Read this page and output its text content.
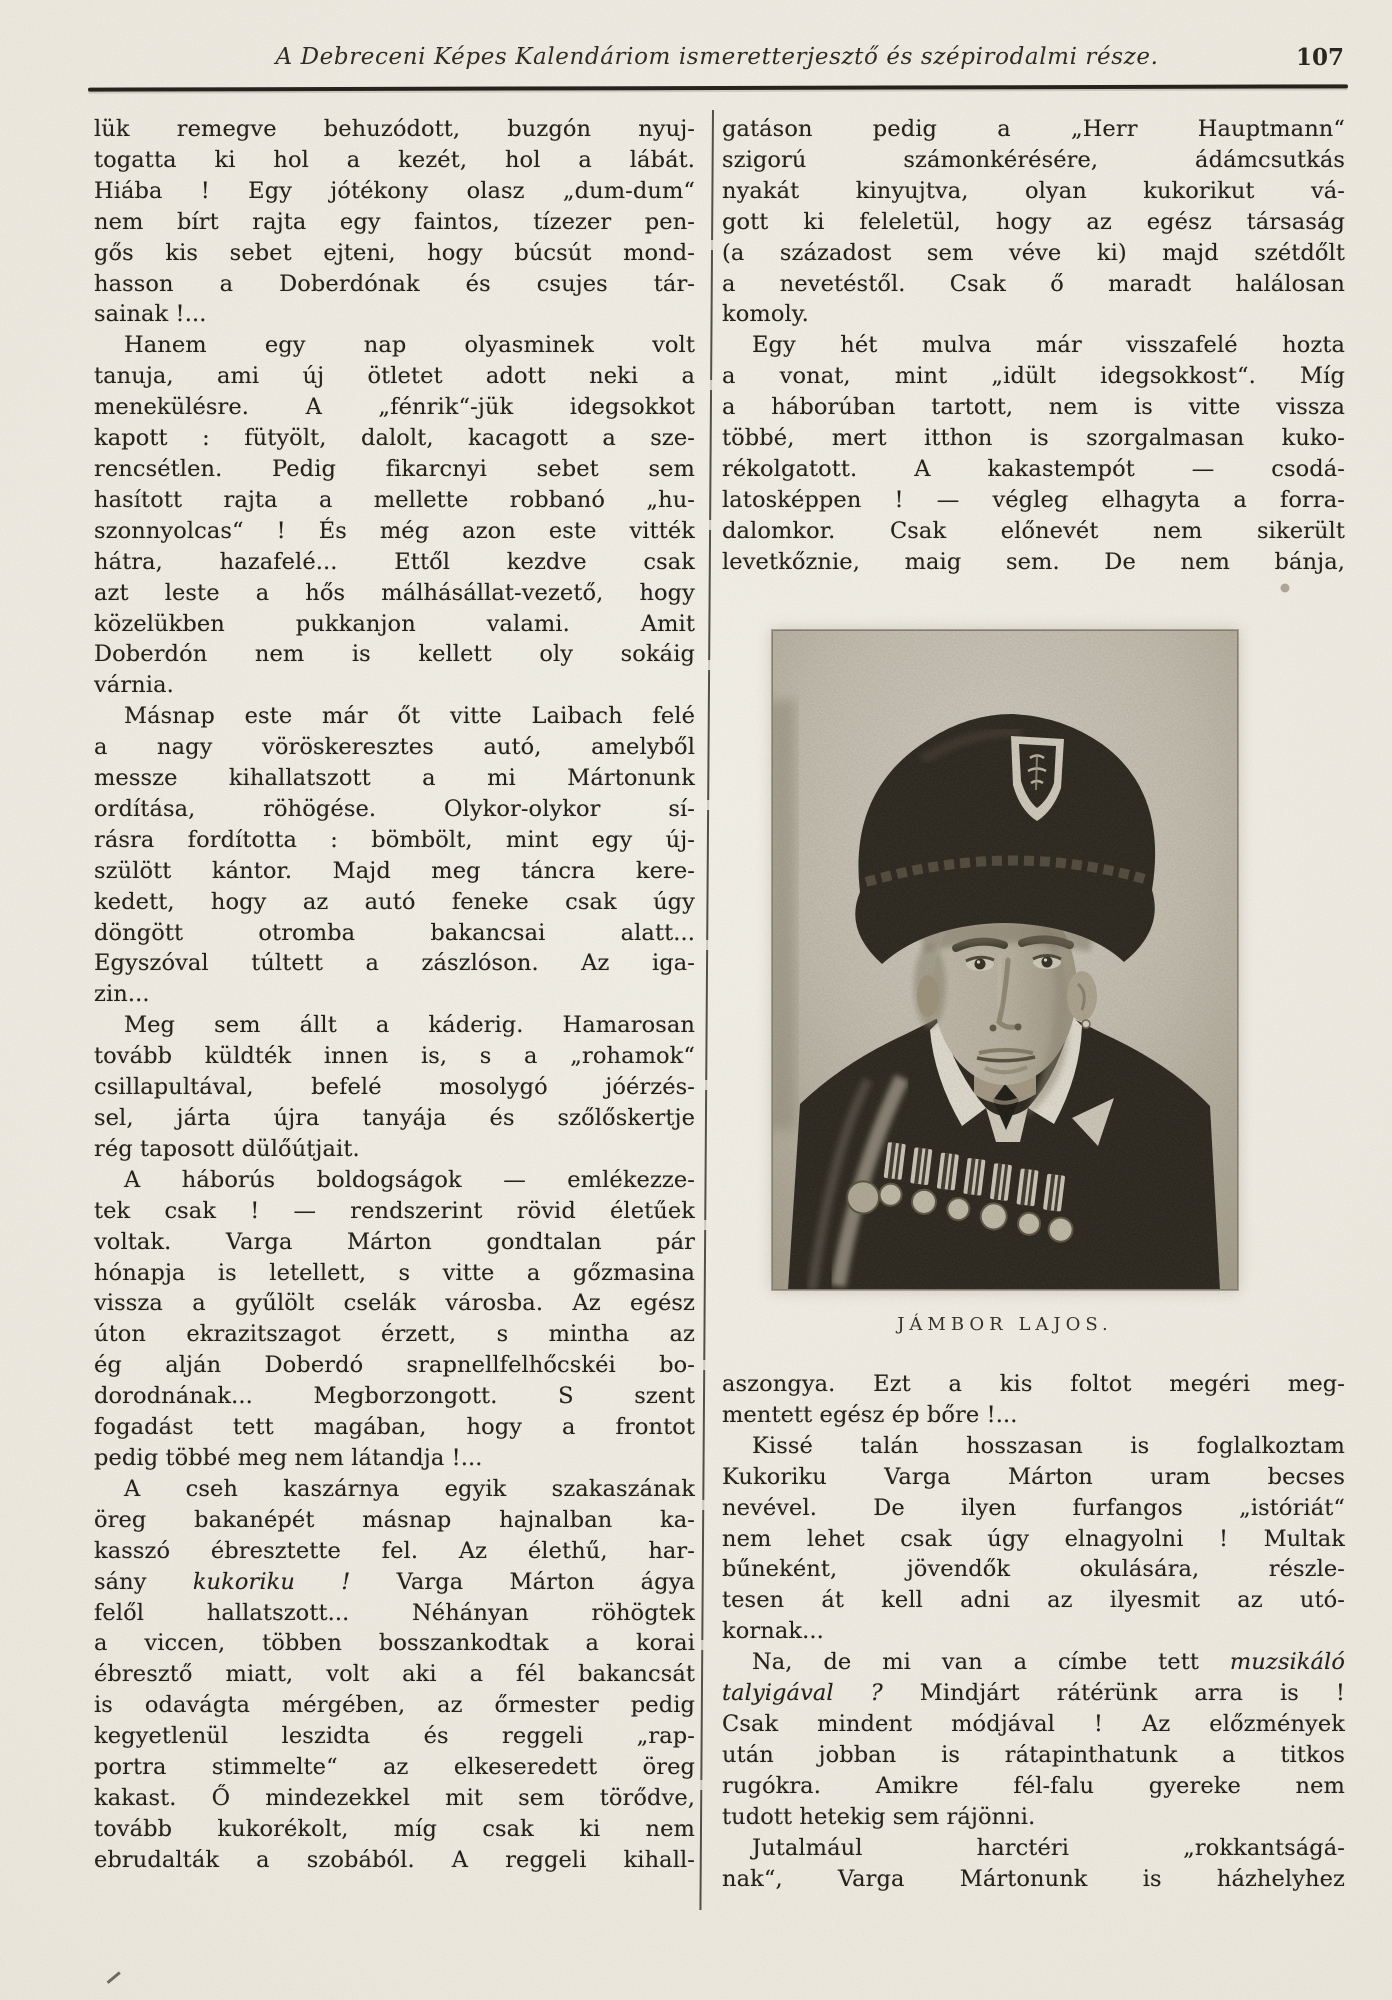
A Debreceni Képes Kalendáriom ismeretterjesztő és szépirodalmi része.	107
lük remegve behuzódott, buzgón nyuj-
togatta ki hol a kezét, hol a lábát.
Hiába ! Egy jótékony olasz „dum-dum“
nem bírt rajta egy faintos, tízezer pen-
gős kis sebet ejteni, hogy búcsút mond-
hasson a Doberdónak és csujes tár-
sainak !...
Hanem egy nap olyasminek volt
tanuja, ami új ötletet adott neki a
menekülésre. A „fénrik“-jük idegsokkot
kapott : fütyölt, dalolt, kacagott a sze-
rencsétlen. Pedig fikarcnyi sebet sem
hasított rajta a mellette robbanó „hu-
szonnyolcas“ ! És még azon este vitték
hátra, hazafelé... Ettől kezdve csak
azt leste a hős málhásállat-vezető, hogy
közelükben pukkanjon valami. Amit
Doberdón nem is kellett oly sokáig
várnia.
Másnap este már őt vitte Laibach felé
a nagy vöröskeresztes autó, amelyből
messze kihallatszott a mi Mártonunk
ordítása, röhögése. Olykor-olykor sí-
rásra fordította : bömbölt, mint egy új-
szülött kántor. Majd meg táncra kere-
kedett, hogy az autó feneke csak úgy
döngött otromba bakancsai alatt...
Egyszóval túltett a zászlóson. Az iga-
zin...
Meg sem állt a káderig. Hamarosan
tovább küldték innen is, s a „rohamok“
csillapultával, befelé mosolygó jóérzés-
sel, járta újra tanyája és szőlőskertje
rég taposott dülőútjait.
A háborús boldogságok — emlékezze-
tek csak ! — rendszerint rövid életűek
voltak. Varga Márton gondtalan pár
hónapja is letellett, s vitte a gőzmasina
vissza a gyűlölt cselák városba. Az egész
úton ekrazitszagot érzett, s mintha az
ég alján Doberdó srapnellfelhőcskéi bo-
dorodnának... Megborzongott. S szent
fogadást tett magában, hogy a frontot
pedig többé meg nem látandja !...
A cseh kaszárnya egyik szakaszának
öreg bakanépét másnap hajnalban ka-
kasszó ébresztette fel. Az élethű, har-
sány kukoriku ! Varga Márton ágya
felől hallatszott... Néhányan röhögtek
a viccen, többen bosszankodtak a korai
ébresztő miatt, volt aki a fél bakancsát
is odavágta mérgében, az őrmester pedig
kegyetlenül leszidta és reggeli „rap-
portra stimmelte“ az elkeseredett öreg
kakast. Ő mindezekkel mit sem törődve,
tovább kukorékolt, míg csak ki nem
ebrudalták a szobából. A reggeli kihall-
gatáson pedig a „Herr Hauptmann“
szigorú számonkérésére, ádámcsutkás
nyakát kinyujtva, olyan kukorikut vá-
gott ki feleletül, hogy az egész társaság
(a századost sem véve ki) majd szétdőlt
a nevetéstől. Csak ő maradt halálosan
komoly.
Egy hét mulva már visszafelé hozta
a vonat, mint „idült idegsokkost“. Míg
a háborúban tartott, nem is vitte vissza
többé, mert itthon is szorgalmasan kuko-
rékolgatott. A kakastempót — csodá-
latosképpen ! — végleg elhagyta a forra-
dalomkor. Csak előnevét nem sikerült
levetkőznie, maig sem. De nem bánja,
JÁMBOR LAJOS.
aszongya. Ezt a kis foltot megéri meg-
mentett egész ép bőre !...
Kissé talán hosszasan is foglalkoztam
Kukoriku Varga Márton uram becses
nevével. De ilyen furfangos „istóriát“
nem lehet csak úgy elnagyolni ! Multak
bűneként, jövendők okulására, részle-
tesen át kell adni az ilyesmit az utó-
kornak...
Na, de mi van a címbe tett muzsikáló
talyigával ? Mindjárt rátérünk arra is !
Csak mindent módjával ! Az előzmények
után jobban is rátapinthatunk a titkos
rugókra. Amikre fél-falu gyereke nem
tudott hetekig sem rájönni.
Jutalmául harctéri „rokkantságá-
nak“, Varga Mártonunk is házhelyhez
